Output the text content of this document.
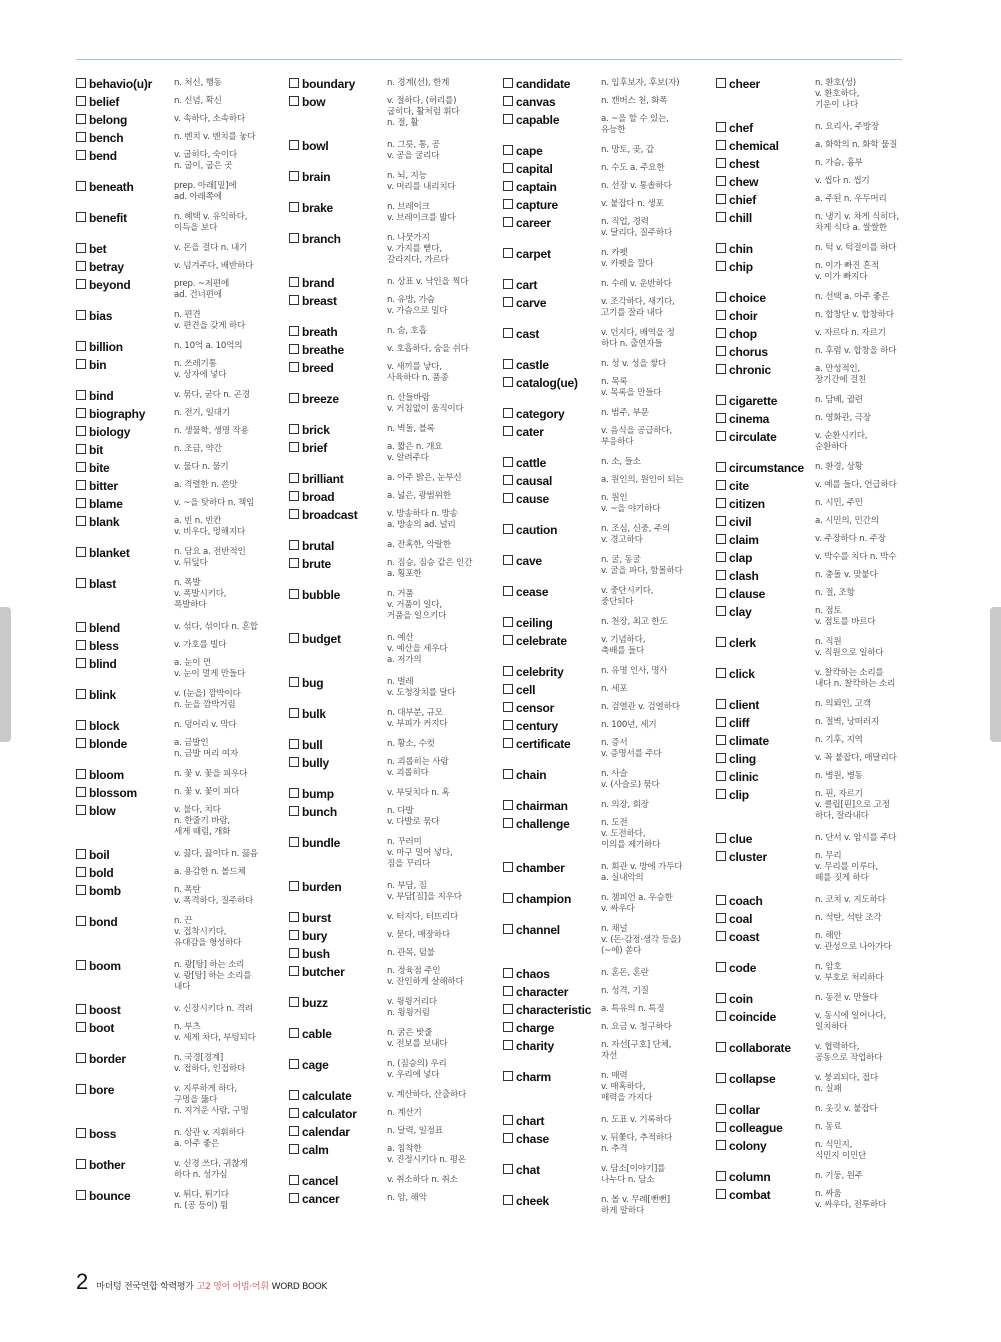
behavio(u)r	n. 처신, 행동
belief	n. 신념, 확신
belong	v. 속하다, 소속하다
bench	n. 벤치 v. 벤치를 놓다
bend	v. 굽히다, 숙이다
n. 굽이, 굽은 곳
beneath	prep. 아래[밑]에
ad. 아래쪽에
benefit	n. 혜택 v. 유익하다,
이득을 보다
bet	v. 돈을 걸다 n. 내기
betray	v. 넘겨주다, 배반하다
beyond	prep. ~저편에
ad. 건너편에
bias	n. 편견
v. 편견을 갖게 하다
billion	n. 10억 a. 10억의
bin	n. 쓰레기통
v. 상자에 넣다
bind	v. 묶다, 굳다 n. 곤경
biography	n. 전기, 일대기
biology	n. 생물학, 생명 작용
bit	n. 조금, 약간
bite	v. 물다 n. 물기
bitter	a. 격렬한 n. 쓴맛
blame	v. ~을 탓하다 n. 책임
blank	a. 빈 n. 빈칸
v. 비우다, 멍해지다
blanket	n. 담요 a. 전반적인
v. 뒤덮다
blast	n. 폭발
v. 폭발시키다,
폭발하다
blend	v. 섞다, 섞이다 n. 혼합
bless	v. 가호를 빌다
blind	a. 눈이 먼
v. 눈이 멀게 만들다
blink	v. (눈을) 깜박이다
n. 눈을 깜박거림
block	n. 덩어리 v. 막다
blonde	a. 금발인
n. 금발 머리 여자
bloom	n. 꽃 v. 꽃을 피우다
blossom	n. 꽃 v. 꽃이 피다
blow	v. 불다, 치다
n. 한줄기 바람,
세게 때림, 개화
boil	v. 끓다, 끓이다 n. 끓음
bold	a. 용감한 n. 볼드체
bomb	n. 폭탄
v. 폭격하다, 질주하다
bond	n. 끈
v. 접착시키다,
유대감을 형성하다
boom	n. 쾅[탕] 하는 소리
v. 쾅[탕] 하는 소리를
내다
boost	v. 신장시키다 n. 격려
boot	n. 부츠
v. 세게 차다, 부팅되다
border	n. 국경[경계]
v. 접하다, 인접하다
bore	v. 지루하게 하다,
구멍을 뚫다
n. 지겨운 사람, 구멍
boss	n. 상관 v. 지휘하다
a. 아주 좋은
bother	v. 신경 쓰다, 귀찮게
하다 n. 성가심
bounce	v. 튀다, 튀기다
n. (공 등이) 튐
boundary	n. 경계(선), 한계
bow	v. 절하다, (허리를)
굽히다, 활처럼 휘다
n. 절, 활
bowl	n. 그릇, 통, 공
v. 공을 굴리다
brain	n. 뇌, 지능
v. 머리를 내리치다
brake	n. 브레이크
v. 브레이크를 밟다
branch	n. 나뭇가지
v. 가지를 뻗다,
갈라지다, 가르다
brand	n. 상표 v. 낙인을 찍다
breast	n. 유방, 가슴
v. 가슴으로 밀다
breath	n. 숨, 호흡
breathe	v. 호흡하다, 숨을 쉬다
breed	v. 새끼를 낳다,
사육하다 n. 품종
breeze	n. 산들바람
v. 거침없이 움직이다
brick	n. 벽돌, 블록
brief	a. 짧은 n. 개요
v. 알려주다
brilliant	a. 아주 밝은, 눈부신
broad	a. 넓은, 광범위한
broadcast	v. 방송하다 n. 방송
a. 방송의 ad. 널리
brutal	a. 잔혹한, 악랄한
brute	n. 짐승, 짐승 같은 인간
a. 횡포한
bubble	n. 거품
v. 거품이 일다,
거품을 일으키다
budget	n. 예산
v. 예산을 세우다
a. 저가의
bug	n. 벌레
v. 도청장치를 달다
bulk	n. 대부분, 규모
v. 부피가 커지다
bull	n. 황소, 수컷
bully	n. 괴롭히는 사람
v. 괴롭히다
bump	v. 부딪치다 n. 혹
bunch	n. 다발
v. 다발로 묶다
bundle	n. 꾸러미
v. 마구 밀어 넣다,
짐을 꾸리다
burden	n. 부담, 짐
v. 부담[짐]을 지우다
burst	v. 터지다, 터뜨리다
bury	v. 묻다, 매장하다
bush	n. 관목, 덤불
butcher	n. 정육점 주인
v. 잔인하게 살해하다
buzz	v. 윙윙거리다
n. 윙윙거림
cable	n. 굵은 밧줄
v. 전보를 보내다
cage	n. (짐승의) 우리
v. 우리에 넣다
calculate	v. 계산하다, 산출하다
calculator	n. 계산기
calendar	n. 달력, 일정표
calm	a. 침착한
v. 진정시키다 n. 평온
cancel	v. 취소하다 n. 취소
cancer	n. 암, 해악
candidate	n. 입후보자, 후보(자)
canvas	n. 캔버스 천, 화폭
capable	a. ~을 할 수 있는,
유능한
cape	n. 망토, 곶, 갑
capital	n. 수도 a. 주요한
captain	n. 선장 v. 통솔하다
capture	v. 붙잡다 n. 생포
career	n. 직업, 경력
v. 달리다, 질주하다
carpet	n. 카펫
v. 카펫을 깔다
cart	n. 수레 v. 운반하다
carve	v. 조각하다, 새기다,
고기를 잘라 내다
cast	v. 던지다, 배역을 정
하다 n. 출연자들
castle	n. 성 v. 성을 쌓다
catalog(ue)	n. 목록
v. 목록을 만들다
category	n. 범주, 부문
cater	v. 음식을 공급하다,
부응하다
cattle	n. 소, 들소
causal	a. 원인의, 원인이 되는
cause	n. 원인
v. ~을 야기하다
caution	n. 조심, 신중, 주의
v. 경고하다
cave	n. 굴, 동굴
v. 굴을 파다, 함몰하다
cease	v. 중단시키다,
중단되다
ceiling	n. 천장, 최고 한도
celebrate	v. 기념하다,
축배를 들다
celebrity	n. 유명 인사, 명사
cell	n. 세포
censor	n. 검열관 v. 검열하다
century	n. 100년, 세기
certificate	n. 증서
v. 증명서를 주다
chain	n. 사슬
v. (사슬로) 묶다
chairman	n. 의장, 회장
challenge	n. 도전
v. 도전하다,
이의를 제기하다
chamber	n. 회관 v. 방에 가두다
a. 실내악의
champion	n. 챔피언 a. 우승한
v. 싸우다
channel	n. 채널
v. (돈·감정·생각 등을)
(~에) 쏟다
chaos	n. 혼돈, 혼란
character	n. 성격, 기질
characteristic a. 특유의 n. 특징
charge	n. 요금 v. 청구하다
charity	n. 자선[구호] 단체,
자선
charm	n. 매력
v. 매혹하다,
매력을 가지다
chart	n. 도표 v. 기록하다
chase	v. 뒤쫓다, 추적하다
n. 추격
chat	v. 담소[이야기]를
나누다 n. 담소
cheek	n. 볼 v. 무례[뻔뻔]
하게 말하다
cheer	n. 환호(성)
v. 환호하다,
기운이 나다
chef	n. 요리사, 주방장
chemical	a. 화학의 n. 화학 물질
chest	n. 가슴, 흉부
chew	v. 씹다 n. 씹기
chief	a. 주된 n. 우두머리
chill	n. 냉기 v. 차게 식히다,
차게 식다 a. 쌀쌀한
chin	n. 턱 v. 턱걸이를 하다
chip	n. 이가 빠진 흔적
v. 이가 빠지다
choice	n. 선택 a. 아주 좋은
choir	n. 합창단 v. 합창하다
chop	v. 자르다 n. 자르기
chorus	n. 후렴 v. 합창을 하다
chronic	a. 만성적인,
장기간에 걸친
cigarette	n. 담배, 궐련
cinema	n. 영화관, 극장
circulate	v. 순환시키다,
순환하다
circumstance n. 환경, 상황
cite	v. 예를 들다, 언급하다
citizen	n. 시민, 주민
civil	a. 시민의, 민간의
claim	v. 주장하다 n. 주장
clap	v. 박수를 치다 n. 박수
clash	n. 충돌 v. 맞붙다
clause	n. 절, 조항
clay	n. 점토
v. 점토를 바르다
clerk	n. 직원
v. 직원으로 일하다
click	v. 찰칵하는 소리를
내다 n. 찰칵하는 소리
client	n. 의뢰인, 고객
cliff	n. 절벽, 낭떠러지
climate	n. 기후, 지역
cling	v. 꼭 붙잡다, 매달리다
clinic	n. 병원, 병동
clip	n. 핀, 자르기
v. 클립[핀]으로 고정
하다, 잘라내다
clue	n. 단서 v. 암시를 주다
cluster	n. 무리
v. 무리를 이루다,
떼를 짓게 하다
coach	n. 코치 v. 지도하다
coal	n. 석탄, 석탄 조각
coast	n. 해안
v. 관성으로 나아가다
code	n. 암호
v. 부호로 처리하다
coin	n. 동전 v. 만들다
coincide	v. 동시에 일어나다,
일치하다
collaborate	v. 협력하다,
공동으로 작업하다
collapse	v. 붕괴되다, 접다
n. 실패
collar	n. 옷깃 v. 붙잡다
colleague	n. 동료
colony	n. 식민지,
식민지 이민단
column	n. 기둥, 원주
combat	n. 싸움
v. 싸우다, 전투하다
2 마더텅 전국연합 학력평가 고2 영어 어법·어휘 WORD BOOK
